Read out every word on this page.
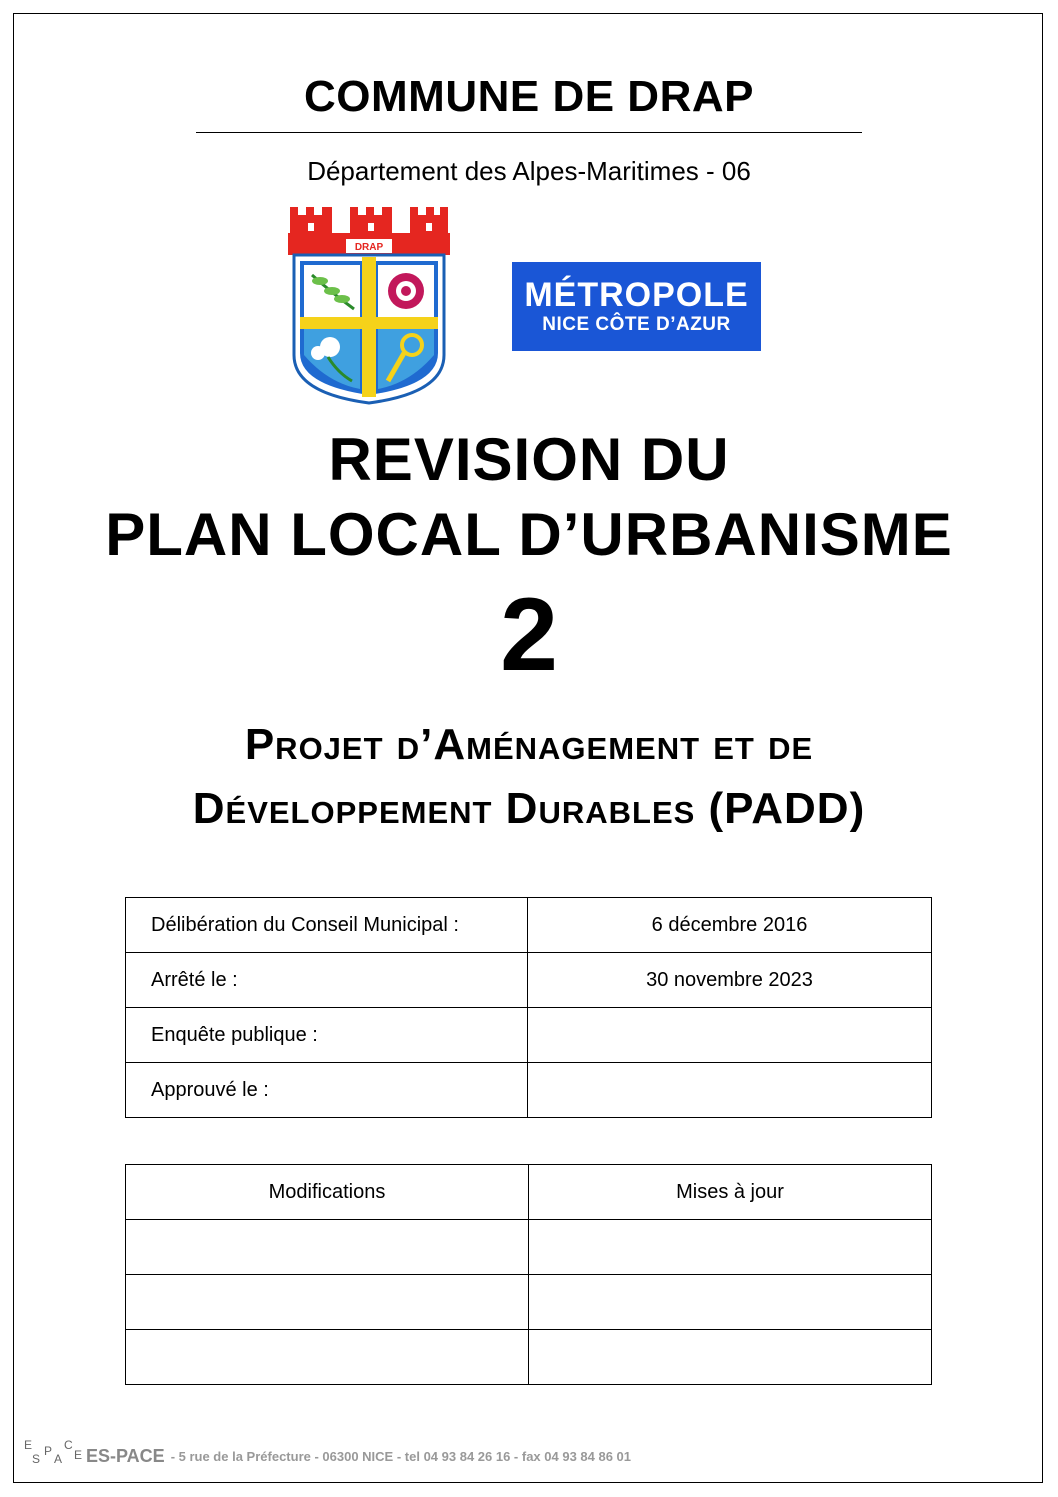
COMMUNE DE DRAP
Département des Alpes-Maritimes - 06
DRAP
MÉTROPOLE
NICE CÔTE D’AZUR
REVISION DU
PLAN LOCAL D’URBANISME
2
Projet d’Aménagement et de
Développement Durables (PADD)
Délibération du Conseil Municipal :	6 décembre 2016
Arrêté le :	30 novembre 2023
Enquête publique :	
Approuvé le :	
Modifications	Mises à jour

E
S
P
A
C
E ES-PACE - 5 rue de la Préfecture - 06300 NICE - tel 04 93 84 26 16 - fax 04 93 84 86 01
